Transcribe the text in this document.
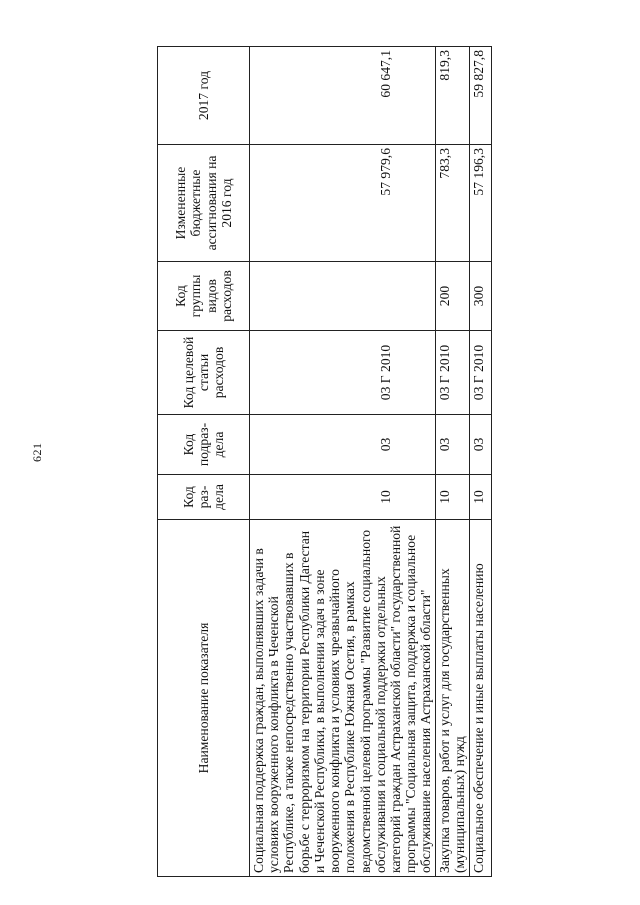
621
Наименование показателя	Код раз-дела	Код подраз-дела	Код целевой статьи расходов	Код группы видов расходов	Измененные бюджетные ассигнования на 2016 год	2017 год
Социальная поддержка граждан, выполнявших задачи в условиях вооруженного конфликта в Чеченской Республике, а также непосредственно участвовавших в борьбе с терроризмом на территории Республики Дагестан и Чеченской Республики, в выполнении задач в зоне вооруженного конфликта и условиях чрезвычайного положения в Республике Южная Осетия, в рамках ведомственной целевой программы "Развитие социального обслуживания и социальной поддержки отдельных категорий граждан Астраханской области" государственной программы "Социальная защита, поддержка и социальное обслуживание населения Астраханской области"	10	03	03 Г 2010		57 979,6	60 647,1
Закупка товаров, работ и услуг для государственных (муниципальных) нужд	10	03	03 Г 2010	200	783,3	819,3
Социальное обеспечение и иные выплаты населению	10	03	03 Г 2010	300	57 196,3	59 827,8
